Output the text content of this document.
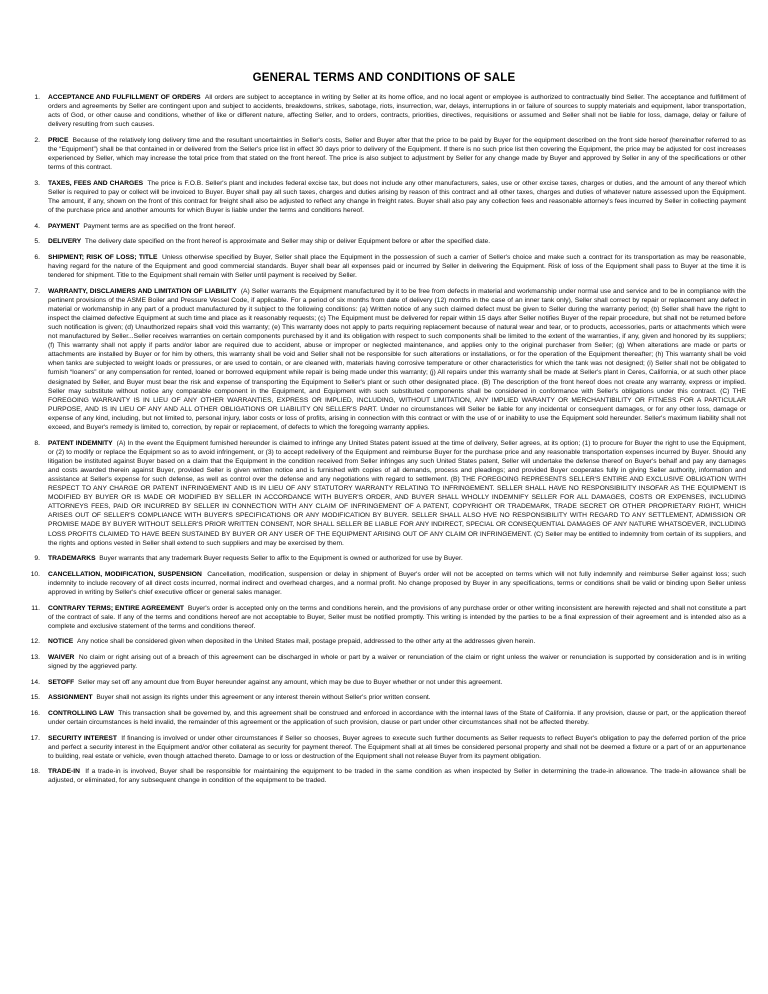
GENERAL TERMS AND CONDITIONS OF SALE
1.	ACCEPTANCE AND FULFILLMENT OF ORDERS All orders are subject to acceptance in writing by Seller at its home office, and no local agent or employee is authorized to contractually bind Seller. The acceptance and fulfillment of orders and agreements by Seller are contingent upon and subject to accidents, breakdowns, strikes, sabotage, riots, insurrection, war, delays, interruptions in or failure of sources to supply materials and equipment, labor transportation, acts of God, or other cause and conditions, whether of like or different nature, affecting Seller, and to orders, contracts, priorities, directives, requisitions or assumed and Seller shall not be liable for loss, damage, delay or failure of delivery resulting from such causes.
2.	PRICE Because of the relatively long delivery time and the resultant uncertainties in Seller's costs, Seller and Buyer after that the price to be paid by Buyer for the equipment described on the front side hereof (hereinafter referred to as the “Equipment”) shall be that contained in or delivered from the Seller's price list in effect 30 days prior to delivery of the Equipment. If there is no such price list then covering the Equipment, the price may be adjusted for cost increases experienced by Seller, which may increase the total price from that stated on the front hereof. The price is also subject to adjustment by Seller for any change made by Buyer and approved by Seller in any of the specifications or other terms of this contract.
3.	TAXES, FEES AND CHARGES The price is F.O.B. Seller's plant and includes federal excise tax, but does not include any other manufacturers, sales, use or other excise taxes, charges or duties, and the amount of any thereof which Seller is required to pay or collect will be invoiced to Buyer. Buyer shall pay all such taxes, charges and duties arising by reason of this contract and all other taxes, charges and duties of whatever nature assessed upon the Equipment. The amount, if any, shown on the front of this contract for freight shall also be adjusted to reflect any change in freight rates. Buyer shall also pay any collection fees and reasonable attorney's fees incurred by Seller in collecting payment of the purchase price and another amounts for which Buyer is liable under the terms and conditions hereof.
4.	PAYMENT Payment terms are as specified on the front hereof.
5.	DELIVERY The delivery date specified on the front hereof is approximate and Seller may ship or deliver Equipment before or after the specified date.
6.	SHIPMENT; RISK OF LOSS; TITLE Unless otherwise specified by Buyer, Seller shall place the Equipment in the possession of such a carrier of Seller's choice and make such a contract for its transportation as may be reasonable, having regard for the nature of the Equipment and good commercial standards. Buyer shall bear all expenses paid or incurred by Seller in delivering the Equipment. Risk of loss of the Equipment shall pass to Buyer at the time it is tendered for shipment. Title to the Equipment shall remain with Seller until payment is received by Seller.
7.	WARRANTY, DISCLAIMERS AND LIMITATION OF LIABILITY (A) Seller warrants the Equipment manufactured by it to be free from defects in material and workmanship under normal use and service and to be in compliance with the pertinent provisions of the ASME Boiler and Pressure Vessel Code, if applicable. For a period of six months from date of delivery (12) months in the case of an inner tank only), Seller shall correct by repair or replacement any defect in material or workmanship in any part of a product manufactured by it subject to the following conditions: (a) Written notice of any such claimed defect must be given to Seller during the warranty period; (b) Seller shall have the right to inspect the claimed defective Equipment at such time and place as it reasonably requests; (c) The Equipment must be delivered for repair within 15 days after Seller notifies Buyer of the repair procedure, but shall not be returned before such notification is given; (d) Unauthorized repairs shall void this warranty; (e) This warranty does not apply to parts requiring replacement because of natural wear and tear, or to products, accessories, parts or attachments which were not manufactured by Seller...Seller receives warranties on certain components purchased by it and its obligation with respect to such components shall be limited to the extent of the warranties, if any, given and honored by its suppliers; (f) This warranty shall not apply if parts and/or labor are required due to accident, abuse or improper or neglected maintenance, and applies only to the original purchaser from Seller; (g) When alterations are made or parts or attachments are installed by Buyer or for him by others, this warranty shall be void and Seller shall not be responsible for such alterations or installations, or for the operation of the Equipment thereafter; (h) This warranty shall be void when tanks are subjected to weight loads or pressures, or are used to contain, or are cleaned with, materials having corrosive temperature or other characteristics for which the tank was not designed; (i) Seller shall not be obligated to furnish “loaners” or any compensation for rented, loaned or borrowed equipment while repair is being made under this warranty; (j) All repairs under this warranty shall be made at Seller's plant in Ceres, California, or at such other place designated by Seller, and Buyer must bear the risk and expense of transporting the Equipment to Seller's plant or such other designated place. (B) The description of the front hereof does not create any warranty, express or implied. Seller may substitute without notice any comparable component in the Equipment, and Equipment with such substituted components shall be considered in conformance with Seller's obligations under this contract. (C) THE FOREGOING WARRANTY IS IN LIEU OF ANY OTHER WARRANTIES, EXPRESS OR IMPLIED, INCLUDING, WITHOUT LIMITATION, ANY IMPLIED WARANTY OR MERCHANTIBILITY OR FITNESS FOR A PARTICULAR PURPOSE, AND IS IN LIEU OF ANY AND ALL OTHER OBLIGATIONS OR LIABILITY ON SELLER'S PART. Under no circumstances will Seller be liable for any incidental or consequent damages, or for any other loss, damage or expense of any kind, including, but not limited to, personal injury, labor costs or loss of profits, arising in connection with this contract or with the use of or inability to use the Equipment sold hereunder. Seller's maximum liability shall not exceed, and Buyer's remedy is limited to, correction, by repair or replacement, of defects to which the foregoing warranty applies.
8.	PATENT INDEMNITY (A) In the event the Equipment furnished hereunder is claimed to infringe any United States patent issued at the time of delivery, Seller agrees, at its option; (1) to procure for Buyer the right to use the Equipment, or (2) to modify or replace the Equipment so as to avoid infringement, or (3) to accept redelivery of the Equipment and reimburse Buyer for the purchase price and any reasonable transportation expenses incurred by Buyer. Should any litigation be instituted against Buyer based on a claim that the Equipment in the condition received from Seller infringes any such United States patent, Seller will undertake the defense thereof on Buyer's behalf and pay any damages and costs awarded therein against Buyer, provided Seller is given written notice and is furnished with copies of all demands, process and pleadings; and provided Buyer cooperates fully in giving Seller authority, information and assistance at Seller's expense for such defense, as well as control over the defense and any negotiations with regard to settlement. (B) THE FOREGOING REPRESENTS SELLER'S ENTIRE AND EXCLUSIVE OBLIGATION WITH RESPECT TO ANY CHARGE OR PATENT INFRINGEMENT AND IS IN LIEU OF ANY STATUTORY WARRANTY RELATING TO INFRINGEMENT. SELLER SHALL HAVE NO RESPONSIBILITY INSOFAR AS THE EQUIPMENT IS MODIFIED BY BUYER OR IS MADE OR MODIFIED BY SELLER IN ACCORDANCE WITH BUYER'S ORDER, AND BUYER SHALL WHOLLY INDEMNIFY SELLER FOR ALL DAMAGES, COSTS OR EXPENSES, INCLUDING ATTORNEYS FEES, PAID OR INCURRED BY SELLER IN CONNECTION WITH ANY CLAIM OF INFRINGEMENT OF A PATENT, COPYRIGHT OR TRADEMARK, TRADE SECRET OR OTHER PROPRIETARY RIGHT, WHICH ARISES OUT OF SELLER'S COMPLIANCE WITH BUYER'S SPECIFICATIONS OR ANY MODIFICATION BY BUYER. SELLER SHALL ALSO HVE NO RESPONSIBILITY WITH REGARD TO ANY SETTLEMENT, ADMISSION OR PROMISE MADE BY BUYER WITHOUT SELLER'S PRIOR WRITTEN CONSENT, NOR SHALL SELLER BE LIABLE FOR ANY INDIRECT, SPECIAL OR CONSEQUENTIAL DAMAGES OF ANY NATURE WHATSOEVER, INCLUDING LOSS PROFITS CLAIMED TO HAVE BEEN SUSTAINED BY BUYER OR ANY USER OF THE EQUIPMENT ARISING OUT OF ANY CLAIM OR INFRINGEMENT. (C) Seller may be entitled to indemnity from certain of its suppliers, and the rights and options vested in Seller shall extend to such suppliers and may be exercised by them.
9.	TRADEMARKS Buyer warrants that any trademark Buyer requests Seller to affix to the Equipment is owned or authorized for use by Buyer.
10.	CANCELLATION, MODIFICATION, SUSPENSION Cancellation, modification, suspension or delay in shipment of Buyer's order will not be accepted on terms which will not fully indemnify and reimburse Seller against loss; such indemnity to include recovery of all direct costs incurred, normal indirect and overhead charges, and a normal profit. No change proposed by Buyer in any specifications, terms or conditions shall be valid or binding upon Seller unless approved in writing by Seller's chief executive officer or general sales manager.
11.	CONTRARY TERMS; ENTIRE AGREEMENT Buyer's order is accepted only on the terms and conditions herein, and the provisions of any purchase order or other writing inconsistent are herewith rejected and shall not constitute a part of the contract of sale. If any of the terms and conditions hereof are not acceptable to Buyer, Seller must be notified promptly. This writing is intended by the parties to be a final expression of their agreement and is intended also as a complete and exclusive statement of the terms and conditions thereof.
12.	NOTICE Any notice shall be considered given when deposited in the United States mail, postage prepaid, addressed to the other arty at the addresses given herein.
13.	WAIVER No claim or right arising out of a breach of this agreement can be discharged in whole or part by a waiver or renunciation of the claim or right unless the waiver or renunciation is supported by consideration and is in writing signed by the aggrieved party.
14.	SETOFF Seller may set off any amount due from Buyer hereunder against any amount, which may be due to Buyer whether or not under this agreement.
15.	ASSIGNMENT Buyer shall not assign its rights under this agreement or any interest therein without Seller's prior written consent.
16.	CONTROLLING LAW This transaction shall be governed by, and this agreement shall be construed and enforced in accordance with the internal laws of the State of California. If any provision, clause or part, or the application thereof under certain circumstances is held invalid, the remainder of this agreement or the application of such provision, clause or part under other circumstances shall not be affected thereby.
17.	SECURITY INTEREST If financing is involved or under other circumstances if Seller so chooses, Buyer agrees to execute such further documents as Seller requests to reflect Buyer's obligation to pay the deferred portion of the price and perfect a security interest in the Equipment and/or other collateral as security for payment thereof. The Equipment shall at all times be considered personal property and shall not be deemed a fixture or a part of or an appurtenance to building, real estate or vehicle, even though attached thereto. Damage to or loss or destruction of the Equipment shall not release Buyer from its payment obligation.
18.	TRADE-IN If a trade-in is involved, Buyer shall be responsible for maintaining the equipment to be traded in the same condition as when inspected by Seller in determining the trade-in allowance. The trade-in allowance shall be adjusted, or eliminated, for any subsequent change in condition of the equipment to be traded.
